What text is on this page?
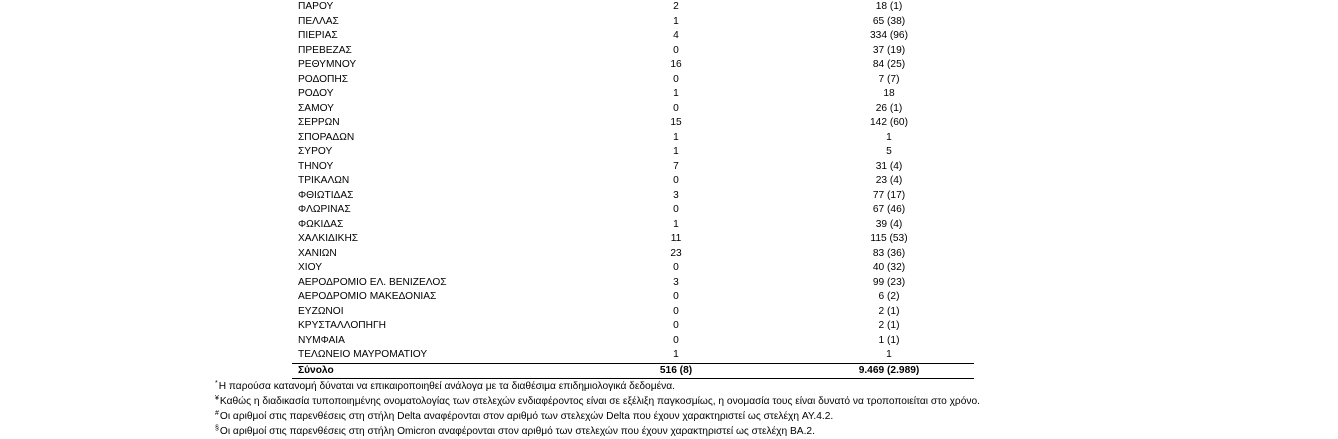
ΠΑΡΟΥ	2	18 (1)
ΠΕΛΛΑΣ	1	65 (38)
ΠΙΕΡΙΑΣ	4	334 (96)
ΠΡΕΒΕΖΑΣ	0	37 (19)
ΡΕΘΥΜΝΟΥ	16	84 (25)
ΡΟΔΟΠΗΣ	0	7 (7)
ΡΟΔΟΥ	1	18
ΣΑΜΟΥ	0	26 (1)
ΣΕΡΡΩΝ	15	142 (60)
ΣΠΟΡΑΔΩΝ	1	1
ΣΥΡΟΥ	1	5
ΤΗΝΟΥ	7	31 (4)
ΤΡΙΚΑΛΩΝ	0	23 (4)
ΦΘΙΩΤΙΔΑΣ	3	77 (17)
ΦΛΩΡΙΝΑΣ	0	67 (46)
ΦΩΚΙΔΑΣ	1	39 (4)
ΧΑΛΚΙΔΙΚΗΣ	11	115 (53)
ΧΑΝΙΩΝ	23	83 (36)
ΧΙΟΥ	0	40 (32)
ΑΕΡΟΔΡΟΜΙΟ ΕΛ. ΒΕΝΙΖΕΛΟΣ	3	99 (23)
ΑΕΡΟΔΡΟΜΙΟ ΜΑΚΕΔΟΝΙΑΣ	0	6 (2)
ΕΥΖΩΝΟΙ	0	2 (1)
ΚΡΥΣΤΑΛΛΟΠΗΓΗ	0	2 (1)
ΝΥΜΦΑΙΑ	0	1 (1)
ΤΕΛΩΝΕΙΟ ΜΑΥΡΟΜΑΤΙΟΥ	1	1
Σύνολο	516 (8)	9.469 (2.989)
*Η παρούσα κατανομή δύναται να επικαιροποιηθεί ανάλογα με τα διαθέσιμα επιδημιολογικά δεδομένα.
¥Καθώς η διαδικασία τυποποιημένης ονοματολογίας των στελεχών ενδιαφέροντος είναι σε εξέλιξη παγκοσμίως, η ονομασία τους είναι δυνατό να τροποποιείται στο χρόνο.
#Οι αριθμοί στις παρενθέσεις στη στήλη Delta αναφέρονται στον αριθμό των στελεχών Delta που έχουν χαρακτηριστεί ως στελέχη AY.4.2.
§Οι αριθμοί στις παρενθέσεις στη στήλη Omicron αναφέρονται στον αριθμό των στελεχών που έχουν χαρακτηριστεί ως στελέχη BA.2.
